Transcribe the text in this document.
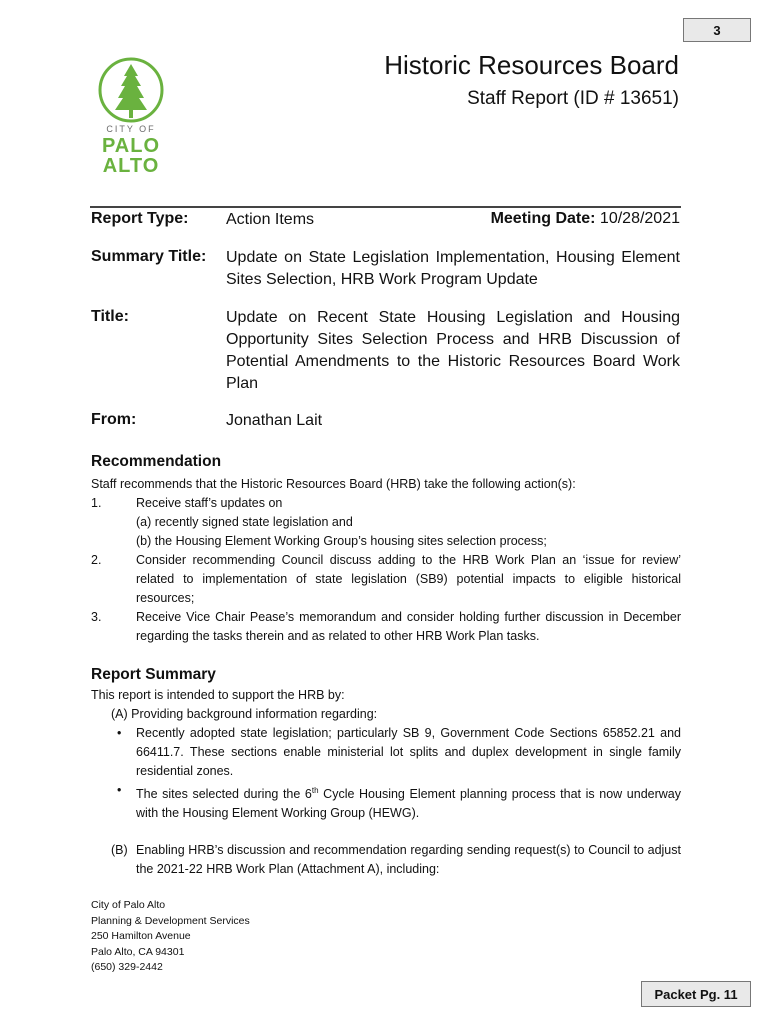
3
CITY OF
PALO
ALTO
Historic Resources Board
Staff Report (ID # 13651)
Report Type: Action Items	Meeting Date: 10/28/2021
Summary Title: Update on State Legislation Implementation, Housing Element Sites Selection, HRB Work Program Update
Title:	Update on Recent State Housing Legislation and Housing Opportunity Sites Selection Process and HRB Discussion of Potential Amendments to the Historic Resources Board Work Plan
From:	Jonathan Lait
Recommendation
Staff recommends that the Historic Resources Board (HRB) take the following action(s):
1.	Receive staff’s updates on
(a) recently signed state legislation and
(b) the Housing Element Working Group’s housing sites selection process;
2.	Consider recommending Council discuss adding to the HRB Work Plan an ‘issue for review’ related to implementation of state legislation (SB9) potential impacts to eligible historical resources;
3.	Receive Vice Chair Pease’s memorandum and consider holding further discussion in December regarding the tasks therein and as related to other HRB Work Plan tasks.
Report Summary
This report is intended to support the HRB by:
(A) Providing background information regarding:
• Recently adopted state legislation; particularly SB 9, Government Code Sections 65852.21 and 66411.7. These sections enable ministerial lot splits and duplex development in single family residential zones.
• The sites selected during the 6th Cycle Housing Element planning process that is now underway with the Housing Element Working Group (HEWG).
(B) Enabling HRB’s discussion and recommendation regarding sending request(s) to Council to adjust the 2021-22 HRB Work Plan (Attachment A), including:
City of Palo Alto
Planning & Development Services
250 Hamilton Avenue
Palo Alto, CA 94301
(650) 329-2442
Packet Pg. 11
